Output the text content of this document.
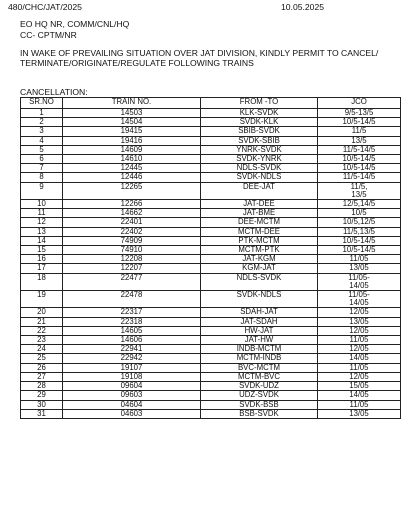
480/CHC/JAT/2025	10.05.2025
EO HQ NR, COMM/CNL/HQ
CC- CPTM/NR
IN WAKE OF PREVAILING SITUATION OVER JAT DIVISION, KINDLY PERMIT TO CANCEL/
TERMINATE/ORIGINATE/REGULATE FOLLOWING TRAINS
CANCELLATION:
SR.NO	TRAIN NO.	FROM -TO	JCO
1	14503	KLK-SVDK	9/5-13/5
2	14504	SVDK-KLK	10/5-14/5
3	19415	SBIB-SVDK	11/5
4	19416	SVDK-SBIB	13/5
5	14609	YNRK-SVDK	11/5-14/5
6	14610	SVDK-YNRK	10/5-14/5
7	12445	NDLS-SVDK	10/5-14/5
8	12446	SVDK-NDLS	11/5-14/5
9	12265	DEE-JAT	11/5,
13/5
10	12266	JAT-DEE	12/5,14/5
11	14662	JAT-BME	10/5
12	22401	DEE-MCTM	10/5,12/5
13	22402	MCTM-DEE	11/5,13/5
14	74909	PTK-MCTM	10/5-14/5
15	74910	MCTM-PTK	10/5-14/5
16	12208	JAT-KGM	11/05
17	12207	KGM-JAT	13/05
18	22477	NDLS-SVDK	11/05-
14/05
19	22478	SVDK-NDLS	11/05-
14/05
20	22317	SDAH-JAT	12/05
21	22318	JAT-SDAH	13/05
22	14605	HW-JAT	12/05
23	14606	JAT-HW	11/05
24	22941	INDB-MCTM	12/05
25	22942	MCTM-INDB	14/05
26	19107	BVC-MCTM	11/05
27	19108	MCTM-BVC	12/05
28	09604	SVDK-UDZ	15/05
29	09603	UDZ-SVDK	14/05
30	04604	SVDK-BSB	11/05
31	04603	BSB-SVDK	13/05
